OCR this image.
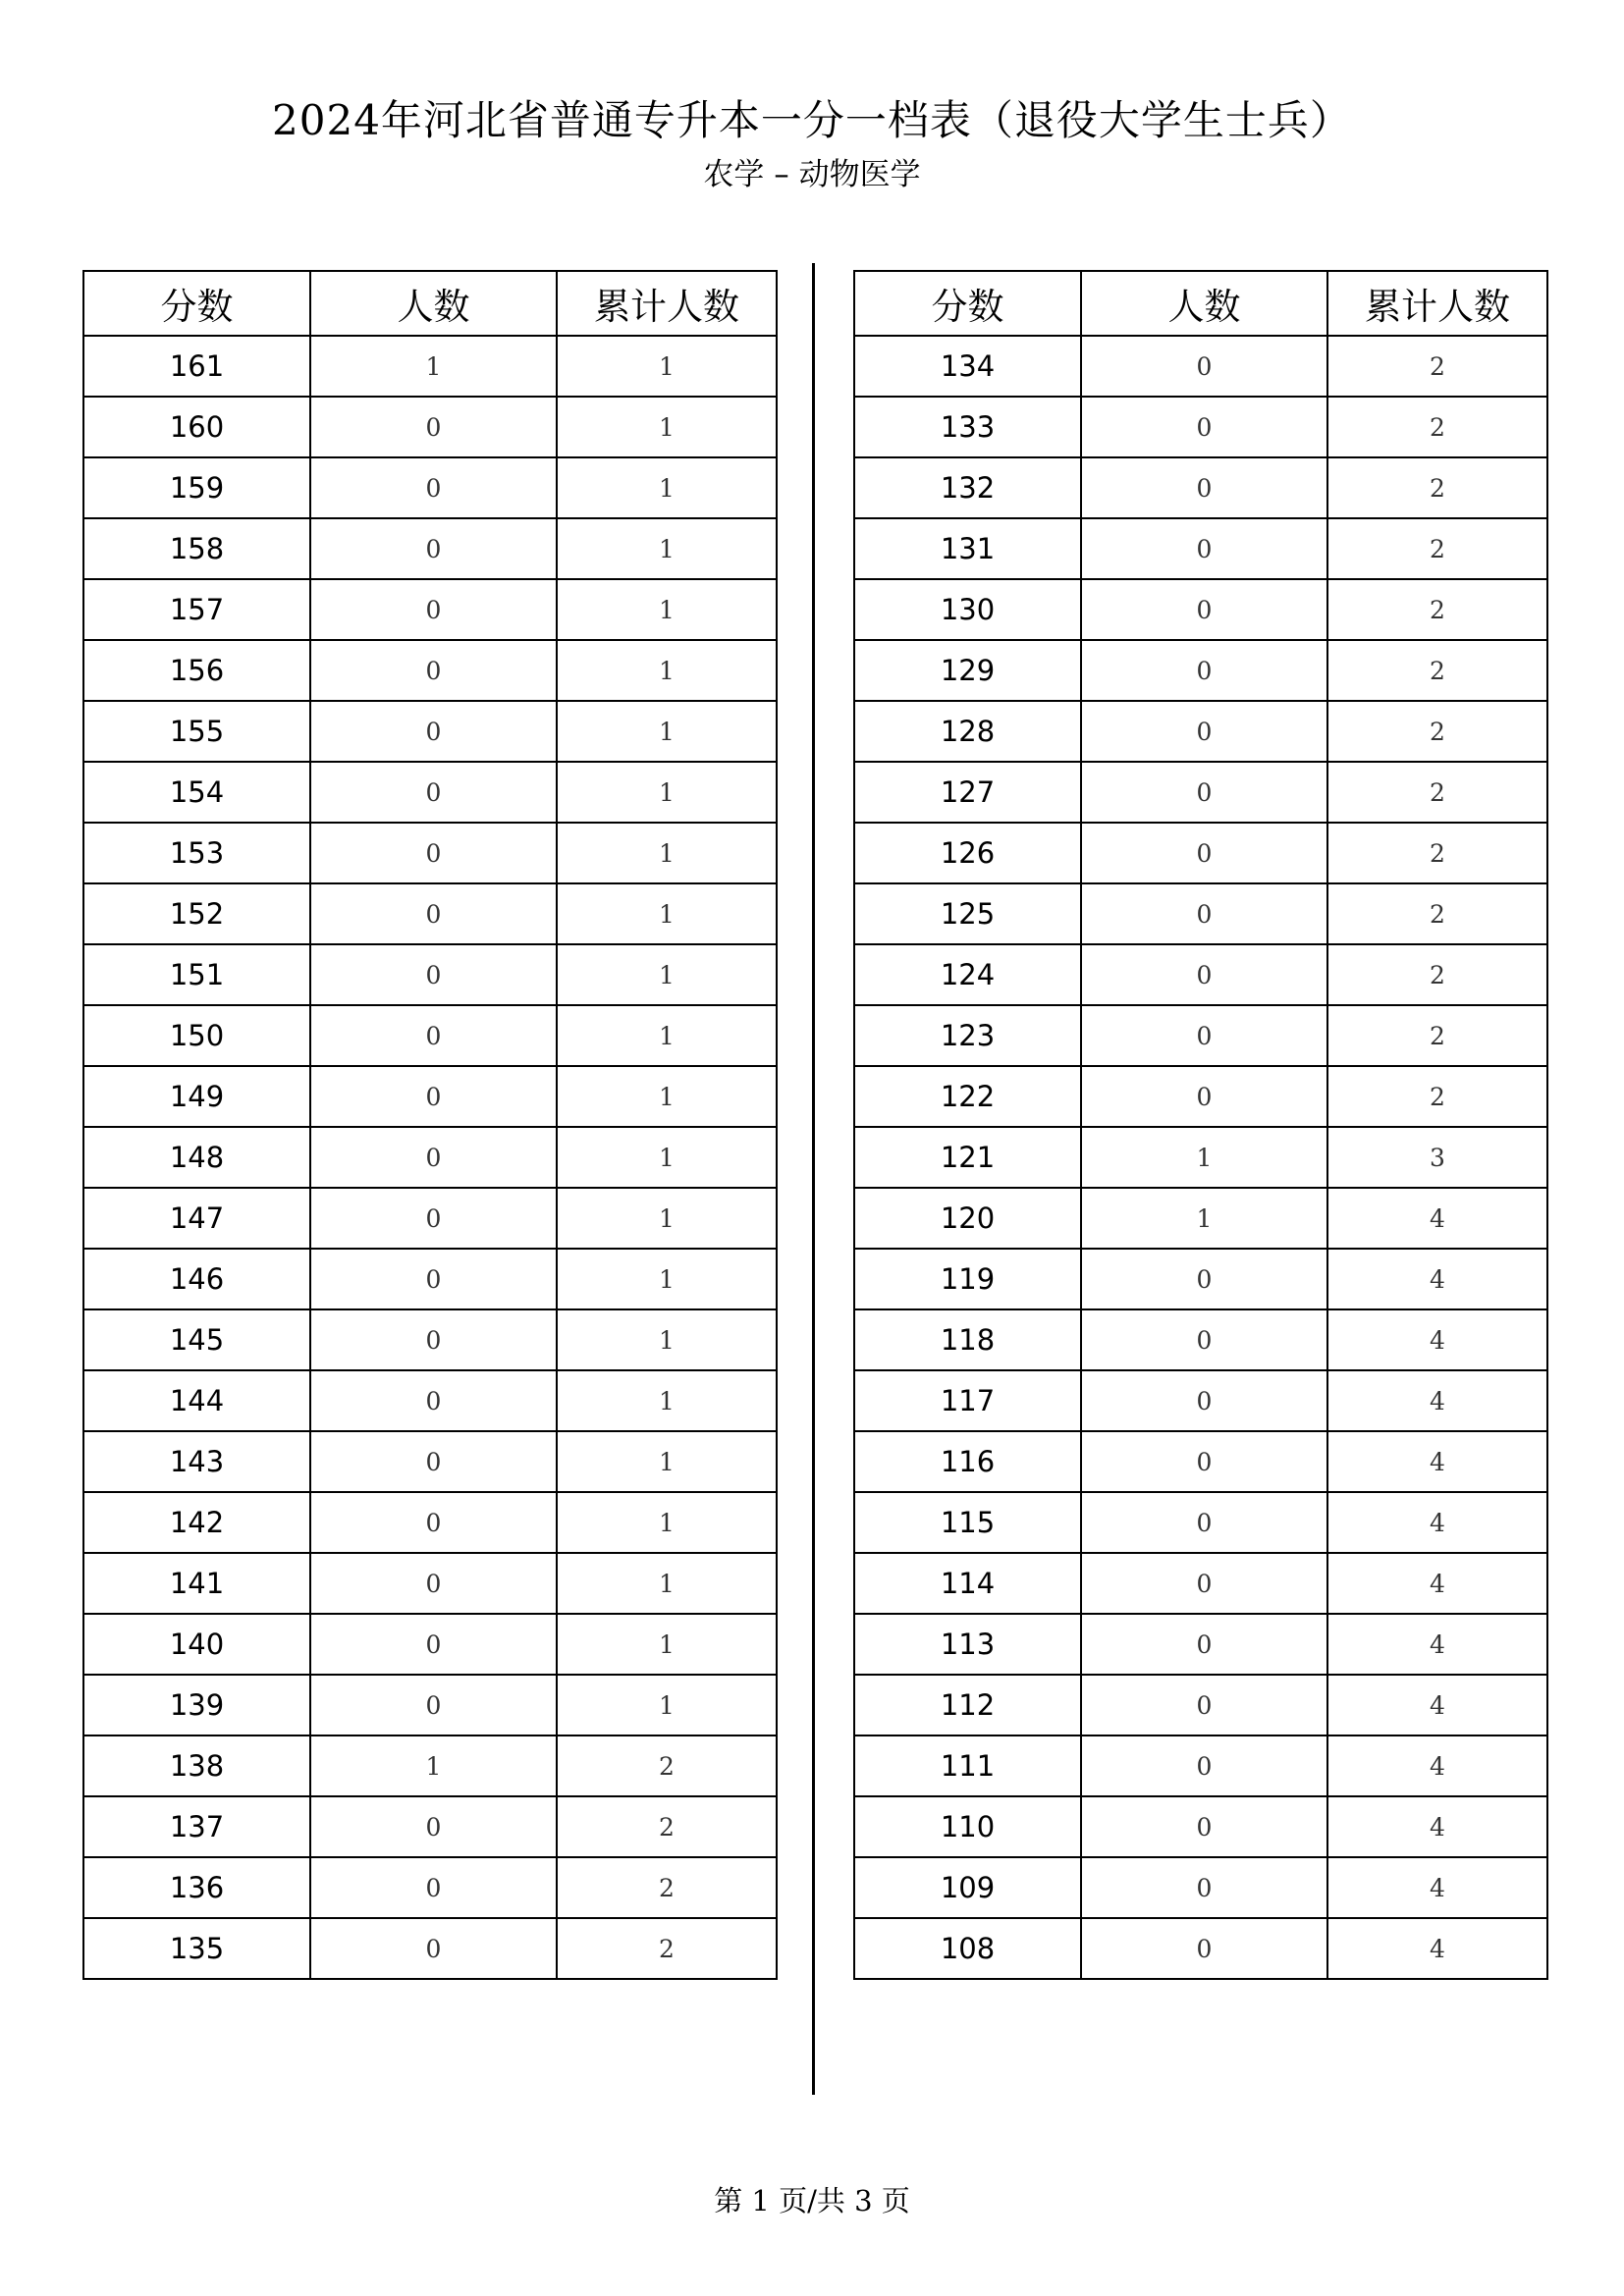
2024年河北省普通专升本一分一档表（退役大学生士兵）
农学 – 动物医学
分数	人数	累计人数
161	1	1
160	0	1
159	0	1
158	0	1
157	0	1
156	0	1
155	0	1
154	0	1
153	0	1
152	0	1
151	0	1
150	0	1
149	0	1
148	0	1
147	0	1
146	0	1
145	0	1
144	0	1
143	0	1
142	0	1
141	0	1
140	0	1
139	0	1
138	1	2
137	0	2
136	0	2
135	0	2
分数	人数	累计人数
134	0	2
133	0	2
132	0	2
131	0	2
130	0	2
129	0	2
128	0	2
127	0	2
126	0	2
125	0	2
124	0	2
123	0	2
122	0	2
121	1	3
120	1	4
119	0	4
118	0	4
117	0	4
116	0	4
115	0	4
114	0	4
113	0	4
112	0	4
111	0	4
110	0	4
109	0	4
108	0	4
第 1 页/共 3 页
